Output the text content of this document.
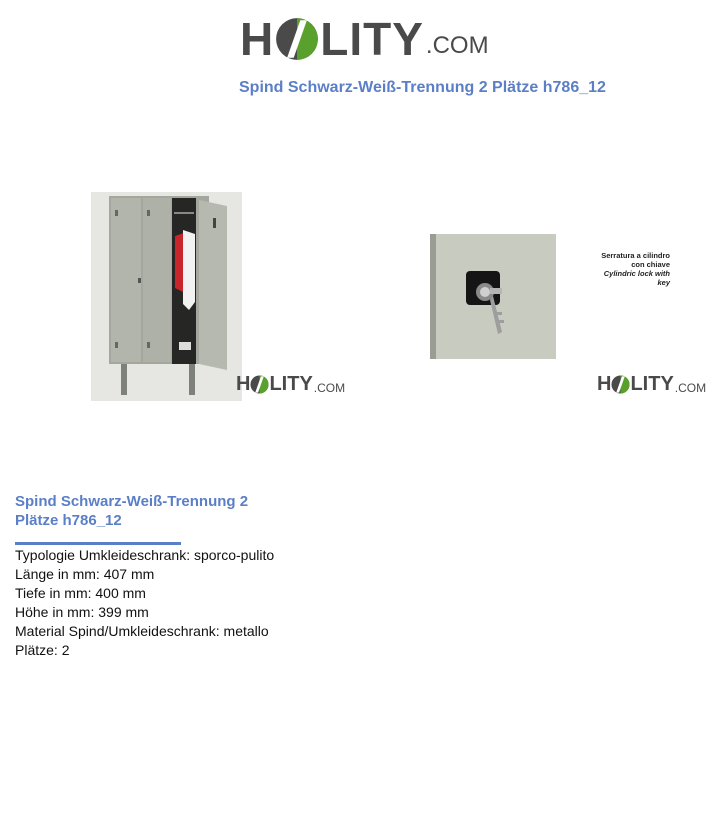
H LITY .COM
Spind Schwarz-Weiß-Trennung 2 Plätze h786_12
H LITY .COM
Serratura a cilindro
con chiave
Cylindric lock with
key
H LITY .COM
Spind Schwarz-Weiß-Trennung 2
Plätze h786_12
Typologie Umkleideschrank: sporco-pulito
Länge in mm: 407 mm
Tiefe in mm: 400 mm
Höhe in mm: 399 mm
Material Spind/Umkleideschrank: metallo
Plätze: 2
